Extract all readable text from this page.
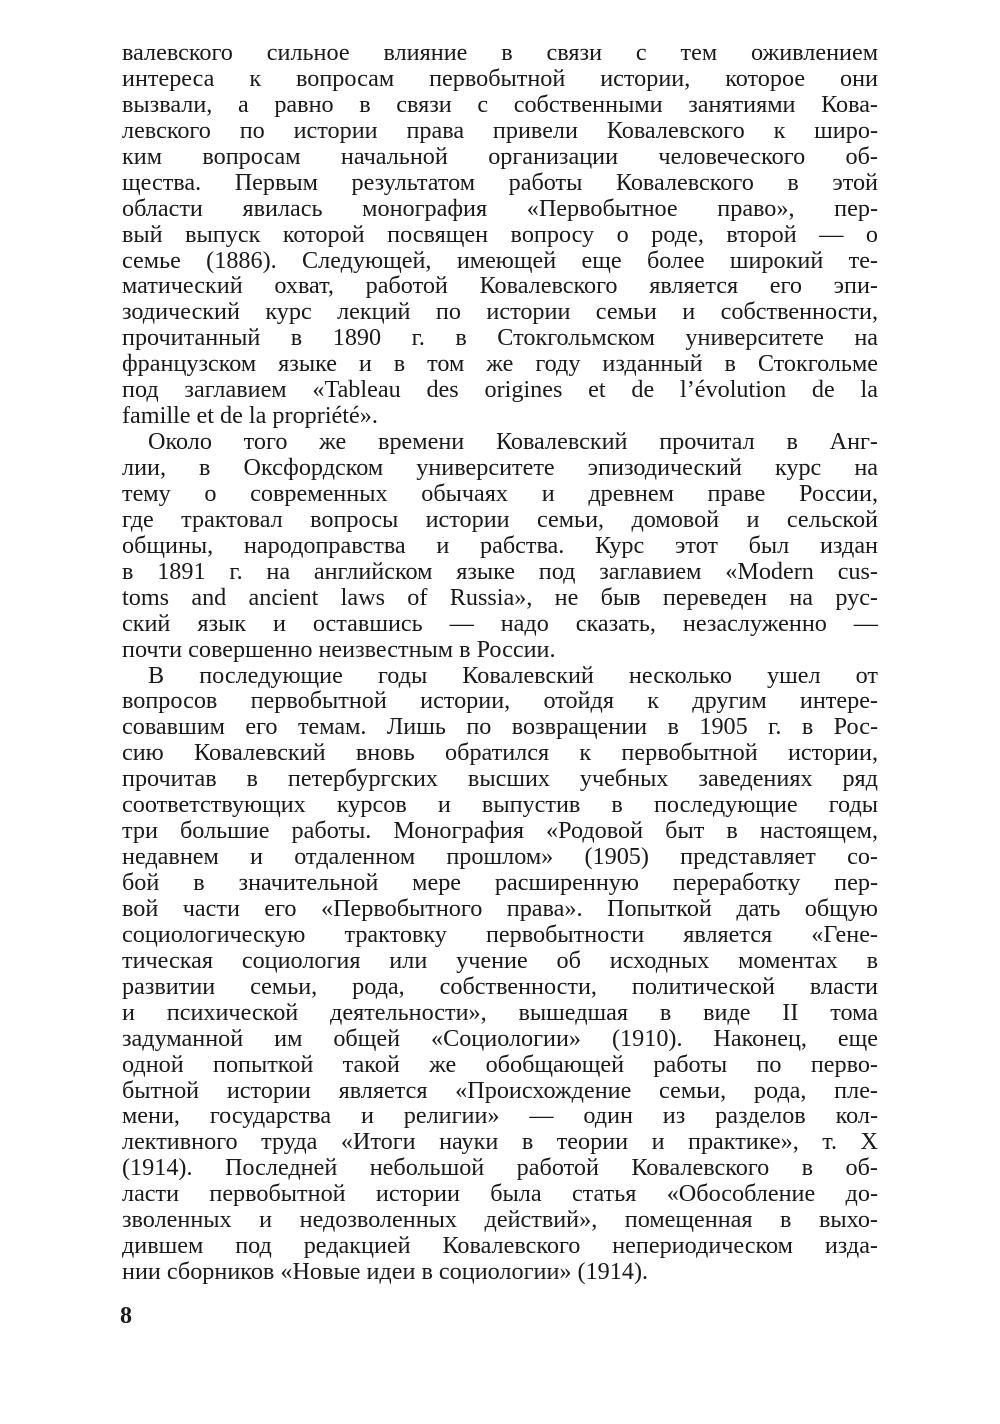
валевского сильное влияние в связи с тем оживлением
интереса к вопросам первобытной истории, которое они
вызвали, а равно в связи с собственными занятиями Кова-
левского по истории права привели Ковалевского к широ-
ким вопросам начальной организации человеческого об-
щества. Первым результатом работы Ковалевского в этой
области явилась монография «Первобытное право», пер-
вый выпуск которой посвящен вопросу о роде, второй — о
семье (1886). Следующей, имеющей еще более широкий те-
матический охват, работой Ковалевского является его эпи-
зодический курс лекций по истории семьи и собственности,
прочитанный в 1890 г. в Стокгольмском университете на
французском языке и в том же году изданный в Стокгольме
под заглавием «Tableau des origines et de l’évolution de la
famille et de la propriété».
Около того же времени Ковалевский прочитал в Анг-
лии, в Оксфордском университете эпизодический курс на
тему о современных обычаях и древнем праве России,
где трактовал вопросы истории семьи, домовой и сельской
общины, народоправства и рабства. Курс этот был издан
в 1891 г. на английском языке под заглавием «Modern cus-
toms and ancient laws of Russia», не быв переведен на рус-
ский язык и оставшись — надо сказать, незаслуженно —
почти совершенно неизвестным в России.
В последующие годы Ковалевский несколько ушел от
вопросов первобытной истории, отойдя к другим интере-
совавшим его темам. Лишь по возвращении в 1905 г. в Рос-
сию Ковалевский вновь обратился к первобытной истории,
прочитав в петербургских высших учебных заведениях ряд
соответствующих курсов и выпустив в последующие годы
три большие работы. Монография «Родовой быт в настоящем,
недавнем и отдаленном прошлом» (1905) представляет со-
бой в значительной мере расширенную переработку пер-
вой части его «Первобытного права». Попыткой дать общую
социологическую трактовку первобытности является «Гене-
тическая социология или учение об исходных моментах в
развитии семьи, рода, собственности, политической власти
и психической деятельности», вышедшая в виде II тома
задуманной им общей «Социологии» (1910). Наконец, еще
одной попыткой такой же обобщающей работы по перво-
бытной истории является «Происхождение семьи, рода, пле-
мени, государства и религии» — один из разделов кол-
лективного труда «Итоги науки в теории и практике», т. X
(1914). Последней небольшой работой Ковалевского в об-
ласти первобытной истории была статья «Обособление до-
зволенных и недозволенных действий», помещенная в выхо-
дившем под редакцией Ковалевского непериодическом изда-
нии сборников «Новые идеи в социологии» (1914).
8
